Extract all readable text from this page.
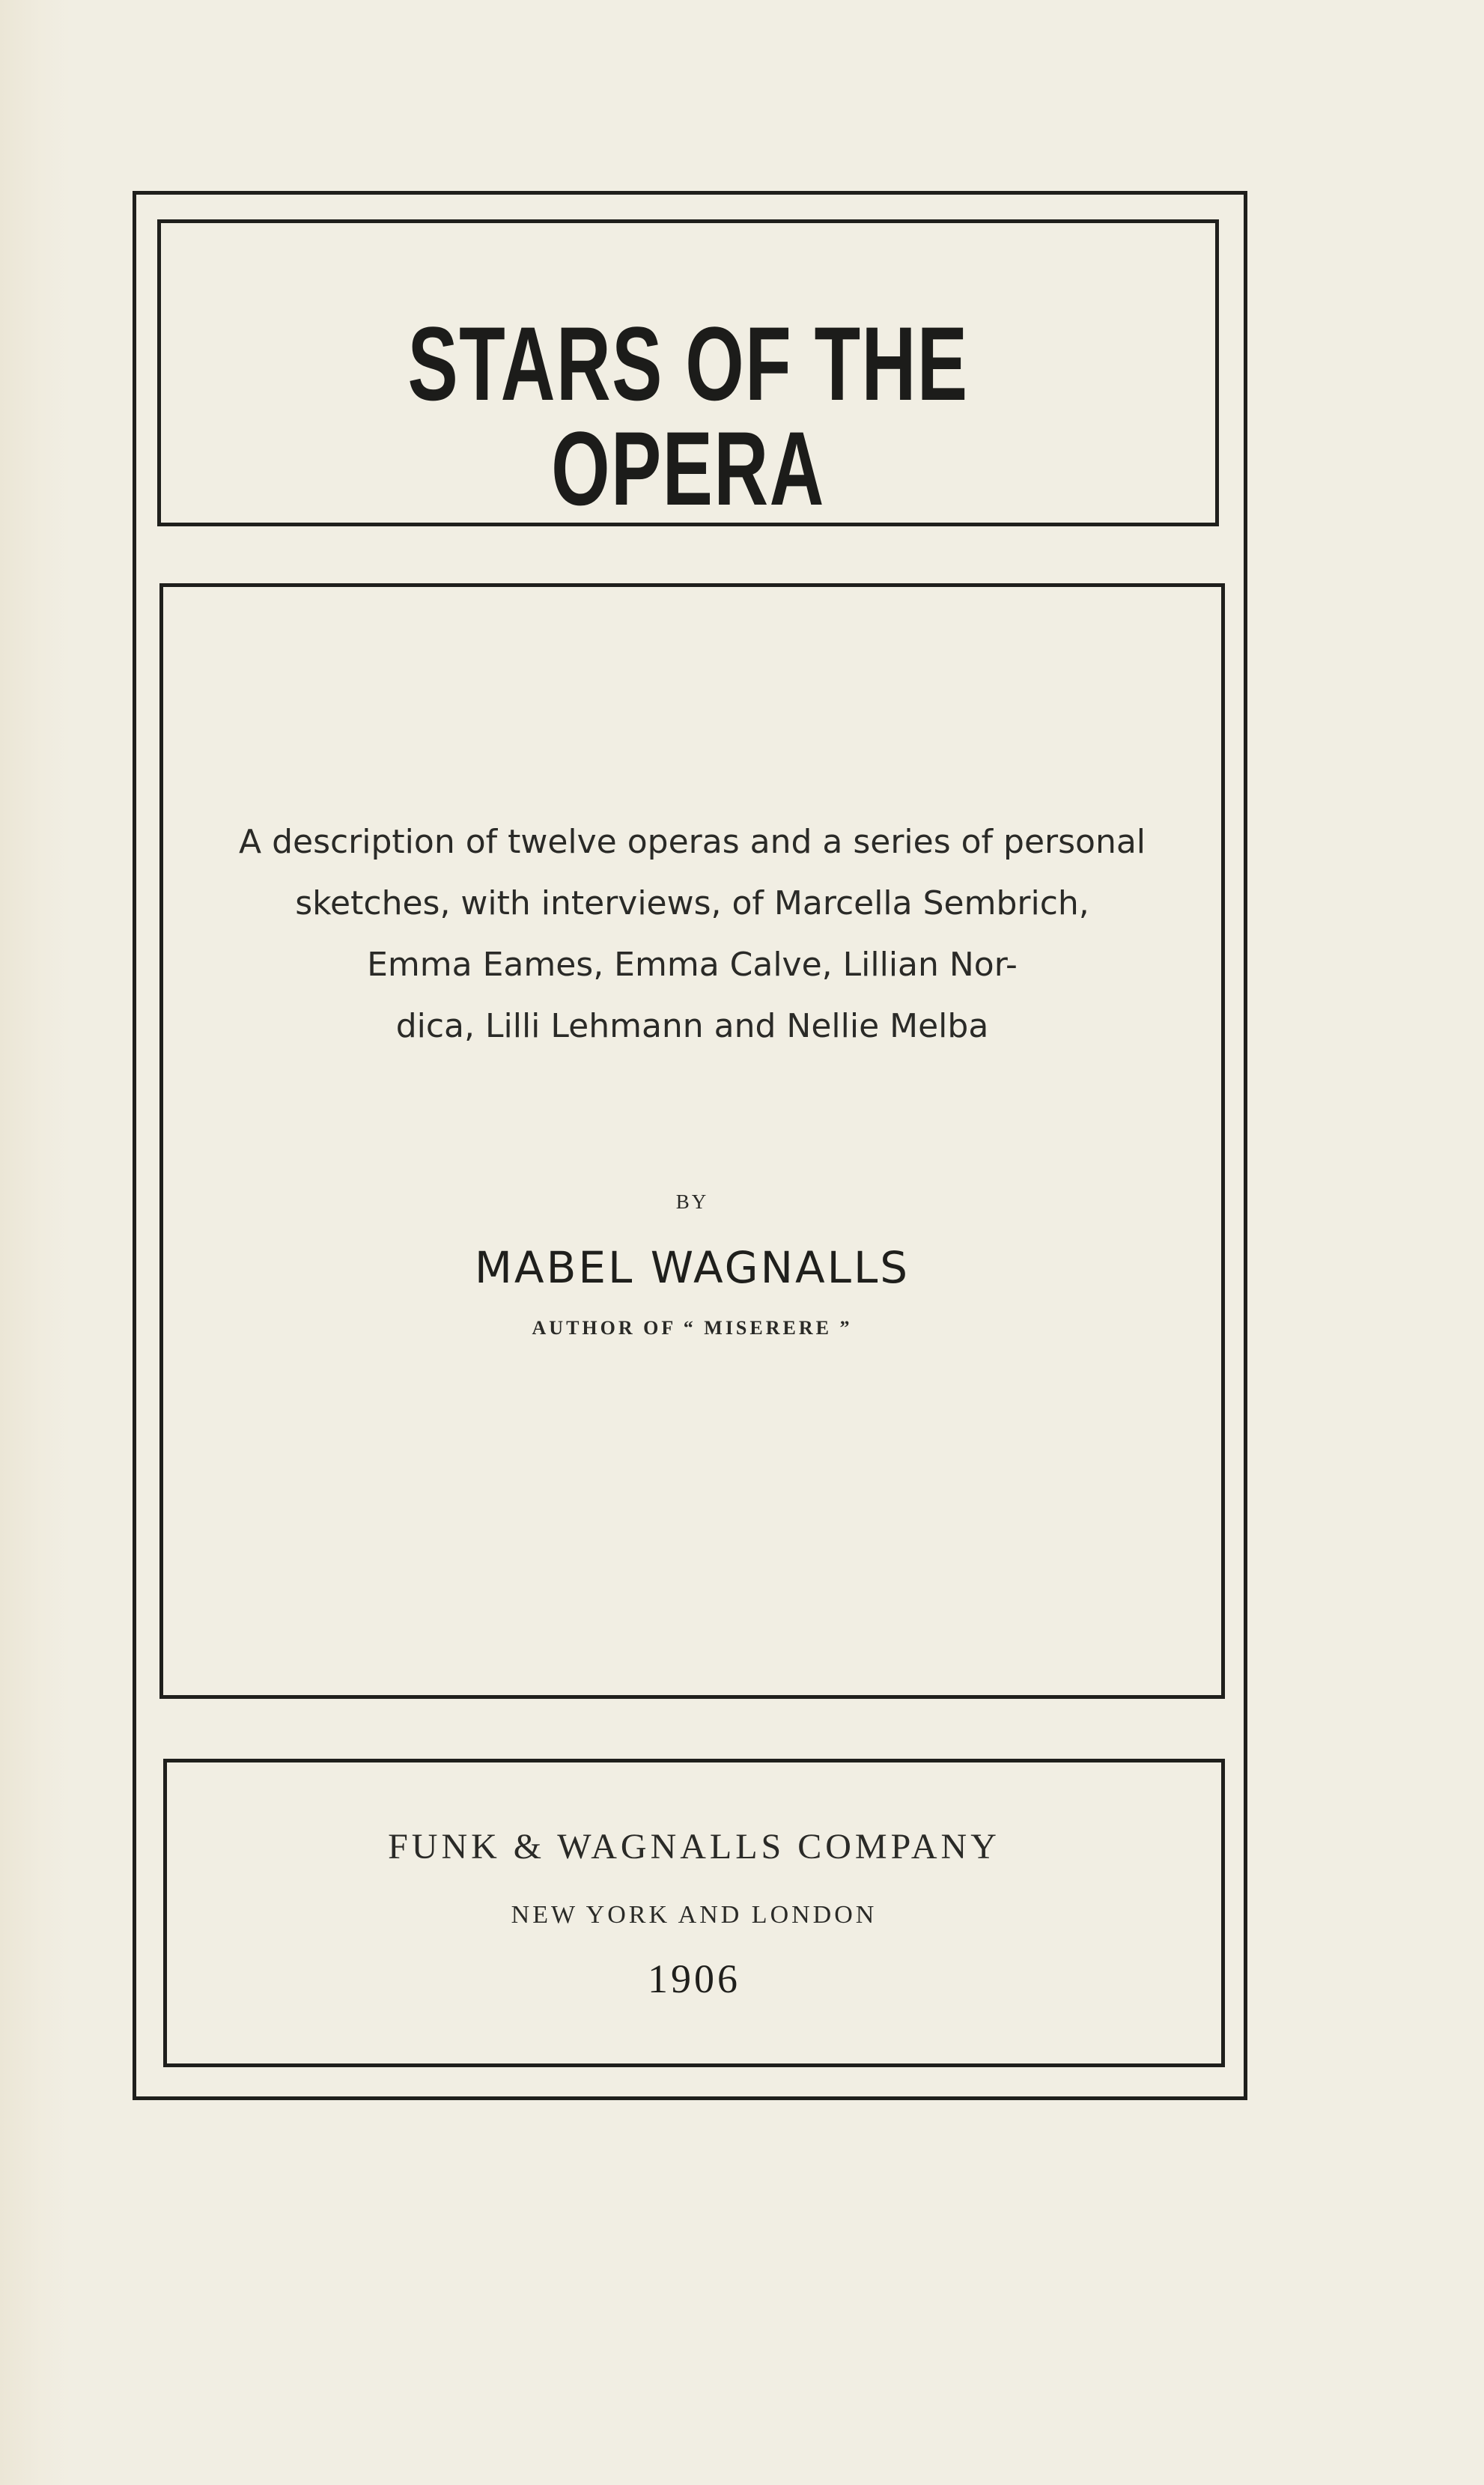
STARS OF THE OPERA
A description of twelve operas and a series of personal
sketches, with interviews, of Marcella Sembrich,
Emma Eames, Emma Calve, Lillian Nor-
dica, Lilli Lehmann and Nellie Melba
BY
MABEL WAGNALLS
AUTHOR OF “ MISERERE ”
FUNK & WAGNALLS COMPANY
NEW YORK AND LONDON
1906
